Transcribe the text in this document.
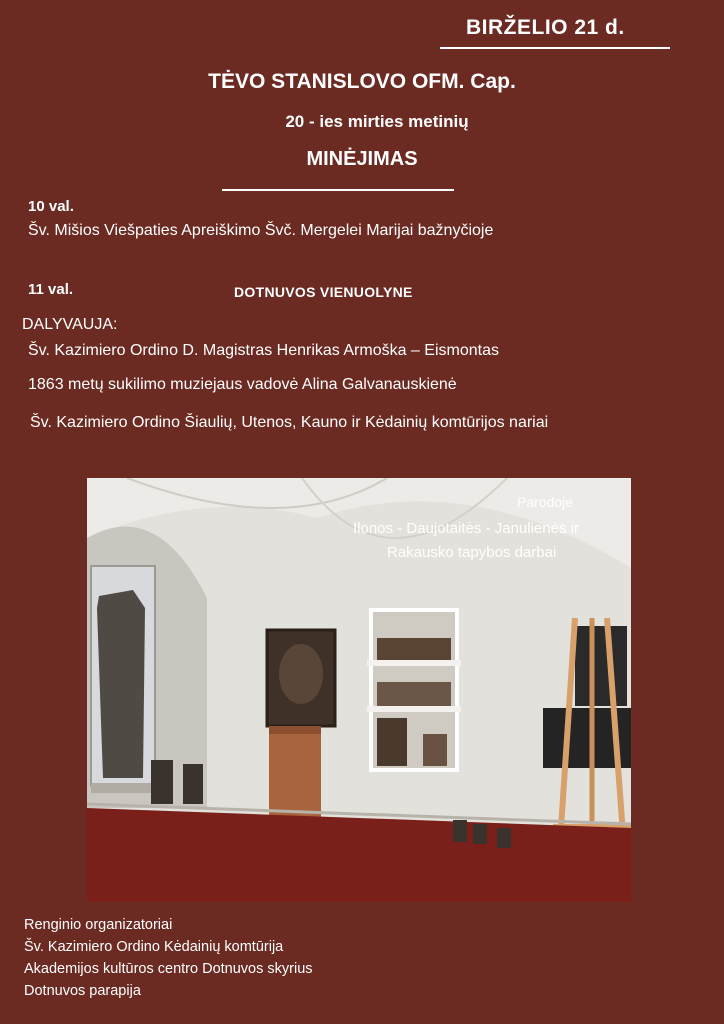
BIRŽELIO 21 d.
TĖVO STANISLOVO OFM. Cap.
20 - ies mirties metinių
MINĖJIMAS
10 val.
Šv. Mišios Viešpaties Apreiškimo Švč. Mergelei Marijai bažnyčioje
11 val.	DOTNUVOS VIENUOLYNE
DALYVAUJA:
Šv. Kazimiero Ordino D. Magistras Henrikas Armoška – Eismontas
1863 metų sukilimo muziejaus vadovė Alina Galvanauskienė
Šv. Kazimiero Ordino Šiaulių, Utenos, Kauno ir Kėdainių komtūrijos nariai
Parodoje
Ilonos - Daujotaitės - Janulienės ir
Rakausko tapybos darbai
Renginio organizatoriai
Šv. Kazimiero Ordino Kėdainių komtūrija
Akademijos kultūros centro Dotnuvos skyrius
Dotnuvos parapija
